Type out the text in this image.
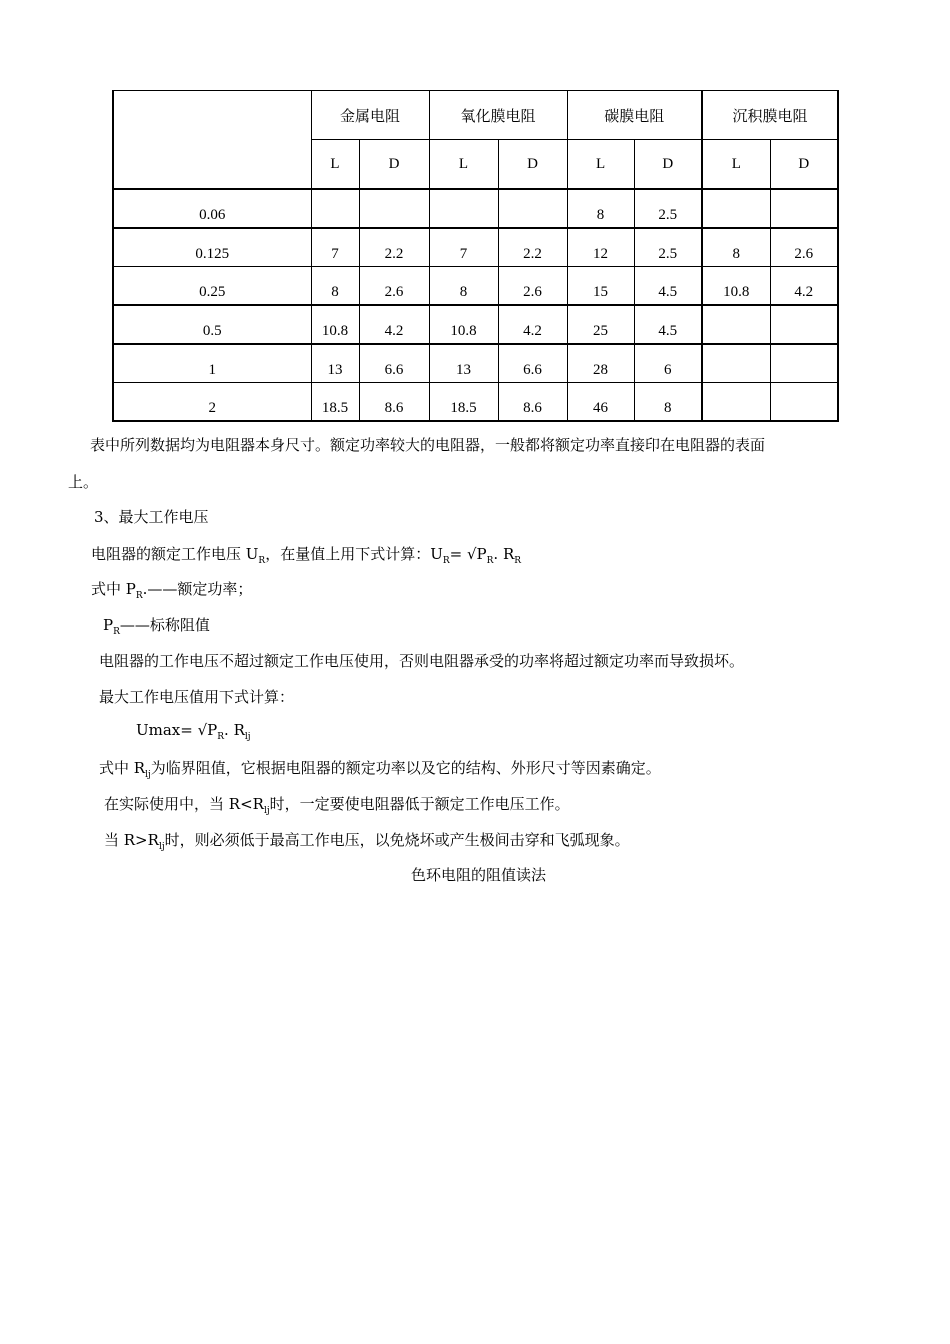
	金属电阻		氧化膜电阻		碳膜电阻		沉积膜电阻	
	L	D	L	D	L	D	L	D
0.06					8	2.5		
0.125	7	2.2	7	2.2	12	2.5	8	2.6
0.25	8	2.6	8	2.6	15	4.5	10.8	4.2
0.5	10.8	4.2	10.8	4.2	25	4.5		
1	13	6.6	13	6.6	28	6		
2	18.5	8.6	18.5	8.6	46	8		
表中所列数据均为电阻器本身尺寸。额定功率较大的电阻器，一般都将额定功率直接印在电阻器的表面
上。
3、最大工作电压
电阻器的额定工作电压 $U_R$，在量值上用下式计算：$U_R= √P_R$. $R_R$
式中 $P_R.——$额定功率；
$P_R——$标称阻值
电阻器的工作电压不超过额定工作电压使用，否则电阻器承受的功率将超过额定功率而导致损坏。
最大工作电压值用下式计算：
$Umax= √P_R$. $R_{lj}$
式中 $R_{lj}$为临界阻值，它根据电阻器的额定功率以及它的结构、外形尺寸等因素确定。
在实际使用中，当 $R<R_{lj}$时，一定要使电阻器低于额定工作电压工作。
当 $R>R_{lj}$时，则必须低于最高工作电压，以免烧坏或产生极间击穿和飞弧现象。
色环电阻的阻值读法
